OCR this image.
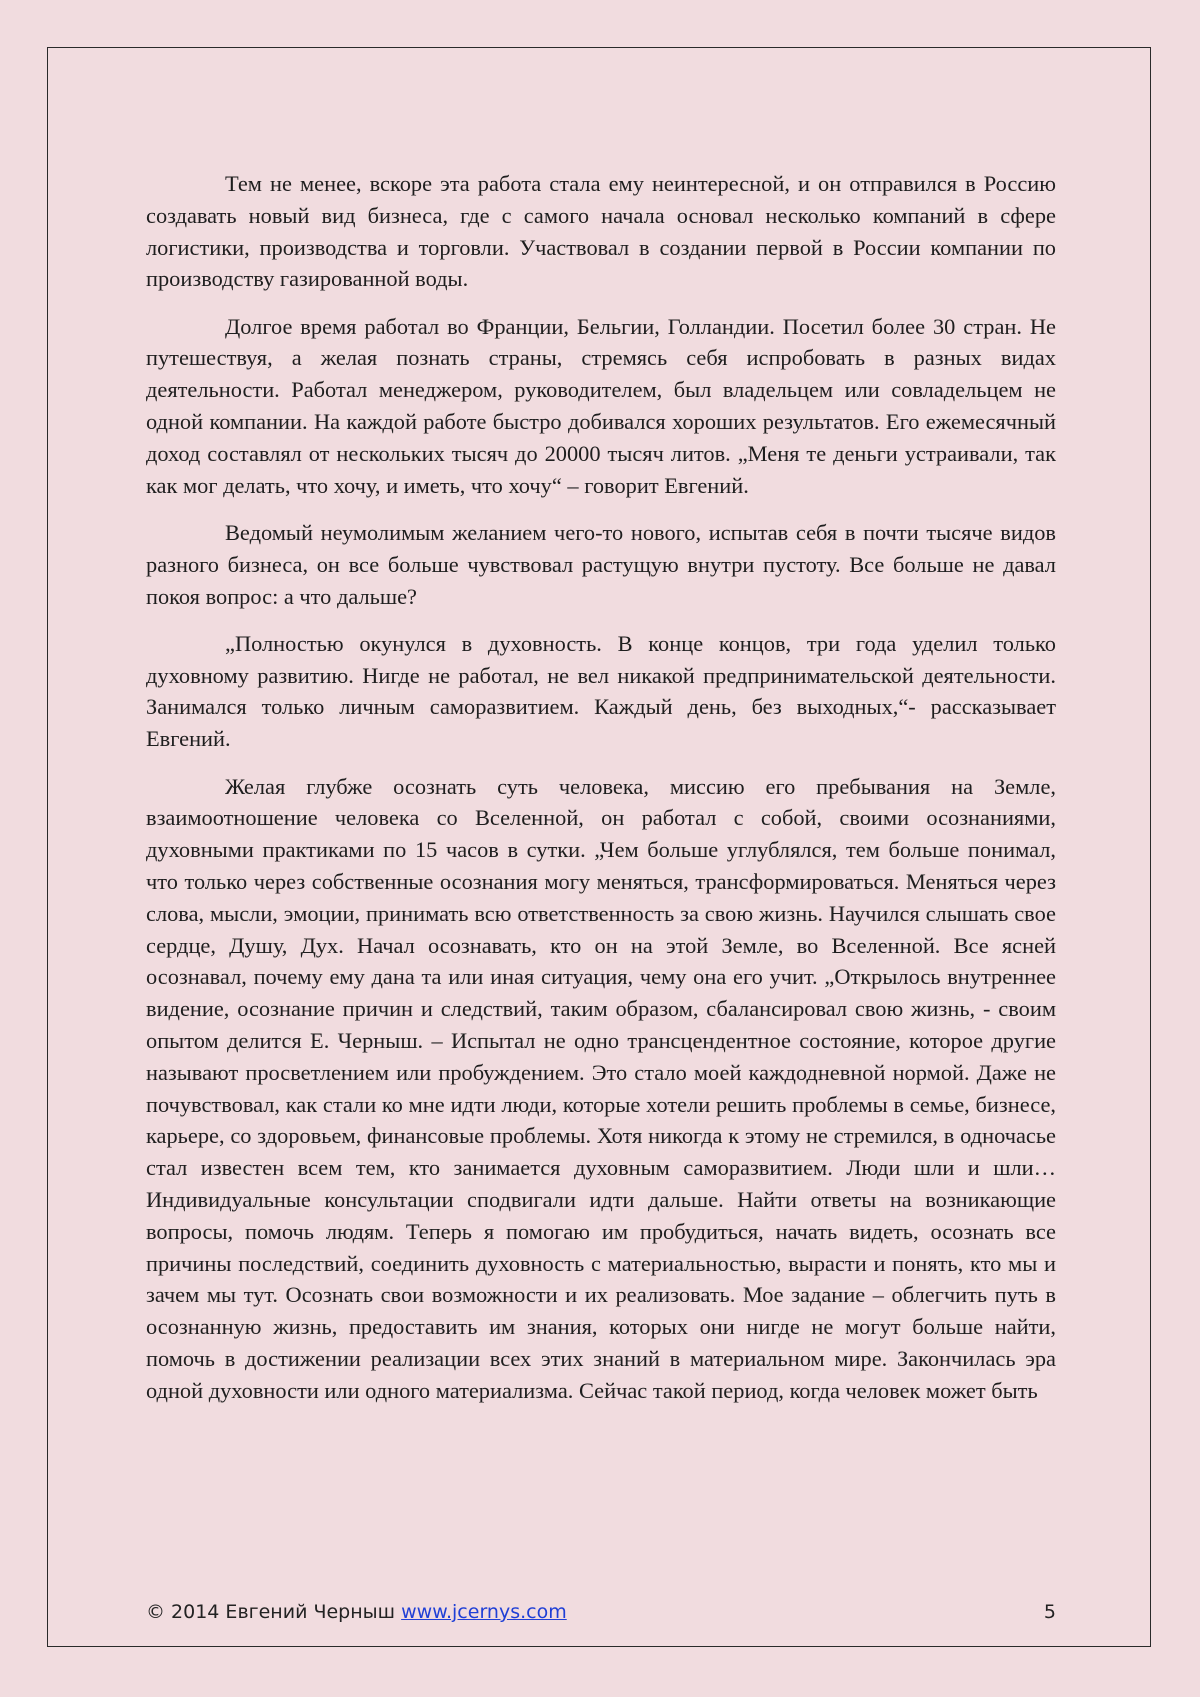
Тем не менее, вскоре эта работа стала ему неинтересной, и он отправился в Россию создавать новый вид бизнеса, где с самого начала основал несколько компаний в сфере логистики, производства и торговли. Участвовал в создании первой в России компании по производству газированной воды.

Долгое время работал во Франции, Бельгии, Голландии. Посетил более 30 стран. Не путешествуя, а желая познать страны, стремясь себя испробовать в разных видах деятельности. Работал менеджером, руководителем, был владельцем или совладельцем не одной компании. На каждой работе быстро добивался хороших результатов. Его ежемесячный доход составлял от нескольких тысяч до 20000 тысяч литов. „Меня те деньги устраивали, так как мог делать, что хочу, и иметь, что хочу“ – говорит Евгений.

Ведомый неумолимым желанием чего-то нового, испытав себя в почти тысяче видов разного бизнеса, он все больше чувствовал растущую внутри пустоту. Все больше не давал покоя вопрос: а что дальше?

„Полностью окунулся в духовность. В конце концов, три года уделил только духовному развитию. Нигде не работал, не вел никакой предпринимательской деятельности. Занимался только личным саморазвитием. Каждый день, без выходных,“- рассказывает Евгений.

Желая глубже осознать суть человека, миссию его пребывания на Земле, взаимоотношение человека со Вселенной, он работал с собой, своими осознаниями, духовными практиками по 15 часов в сутки. „Чем больше углублялся, тем больше понимал, что только через собственные осознания могу меняться, трансформироваться. Меняться через слова, мысли, эмоции, принимать всю ответственность за свою жизнь. Научился слышать свое сердце, Душу, Дух. Начал осознавать, кто он на этой Земле, во Вселенной. Все ясней осознавал, почему ему дана та или иная ситуация, чему она его учит. „Открылось внутреннее видение, осознание причин и следствий, таким образом, сбалансировал свою жизнь, - своим опытом делится Е. Черныш. – Испытал не одно трансцендентное состояние, которое другие называют просветлением или пробуждением. Это стало моей каждодневной нормой. Даже не почувствовал, как стали ко мне идти люди, которые хотели решить проблемы в семье, бизнесе, карьере, со здоровьем, финансовые проблемы. Хотя никогда к этому не стремился, в одночасье стал известен всем тем, кто занимается духовным саморазвитием. Люди шли и шли… Индивидуальные консультации сподвигали идти дальше. Найти ответы на возникающие вопросы, помочь людям. Теперь я помогаю им пробудиться, начать видеть, осознать все причины последствий, соединить духовность с материальностью, вырасти и понять, кто мы и зачем мы тут. Осознать свои возможности и их реализовать. Мое задание – облегчить путь в осознанную жизнь, предоставить им знания, которых они нигде не могут больше найти, помочь в достижении реализации всех этих знаний в материальном мире. Закончилась эра одной духовности или одного материализма. Сейчас такой период, когда человек может быть

© 2014 Евгений Черныш www.jcernys.com	5
